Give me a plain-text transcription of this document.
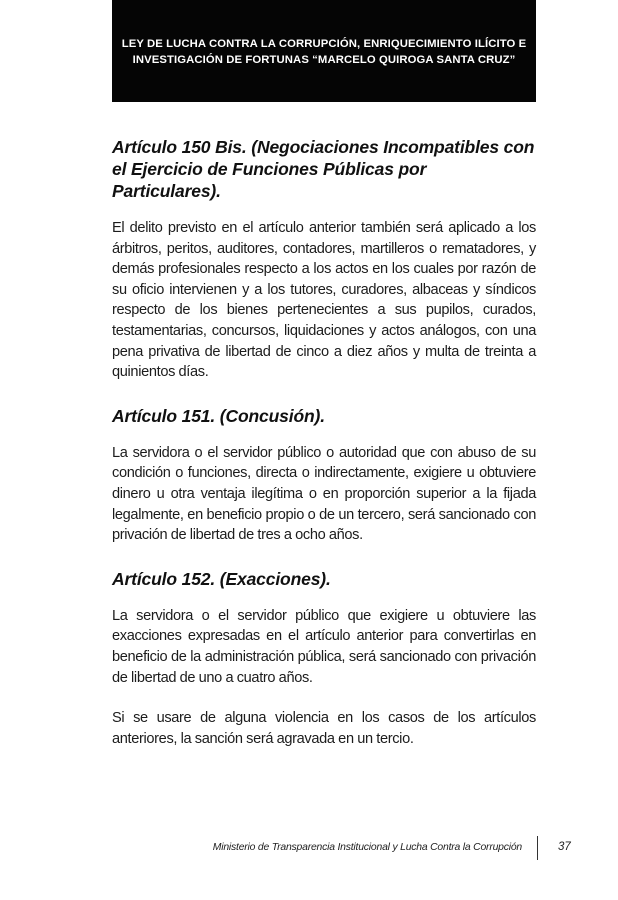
LEY DE LUCHA CONTRA LA CORRUPCIÓN, ENRIQUECIMIENTO ILÍCITO E
INVESTIGACIÓN DE FORTUNAS “MARCELO QUIROGA SANTA CRUZ”
Artículo 150 Bis. (Negociaciones Incompatibles con el Ejercicio de Funciones Públicas por Particulares).

El delito previsto en el artículo anterior también será aplicado a los árbitros, peritos, auditores, contadores, martilleros o rematadores, y demás profesionales respecto a los actos en los cuales por razón de su oficio intervienen y a los tutores, curadores, albaceas y síndicos respecto de los bienes pertenecientes a sus pupilos, curados, testamentarias, concursos, liquidaciones y actos análogos, con una pena privativa de libertad de cinco a diez años y multa de treinta a quinientos días.

Artículo 151. (Concusión).

La servidora o el servidor público o autoridad que con abuso de su condición o funciones, directa o indirectamente, exigiere u obtuviere dinero u otra ventaja ilegítima o en proporción superior a la fijada legalmente, en beneficio propio o de un tercero, será sancionado con privación de libertad de tres a ocho años.

Artículo 152. (Exacciones).

La servidora o el servidor público que exigiere u obtuviere las exacciones expresadas en el artículo anterior para convertirlas en beneficio de la administración pública, será sancionado con privación de libertad de uno a cuatro años.

Si se usare de alguna violencia en los casos de los artículos anteriores, la sanción será agravada en un tercio.

Ministerio de Transparencia Institucional y Lucha Contra la Corrupción	37
